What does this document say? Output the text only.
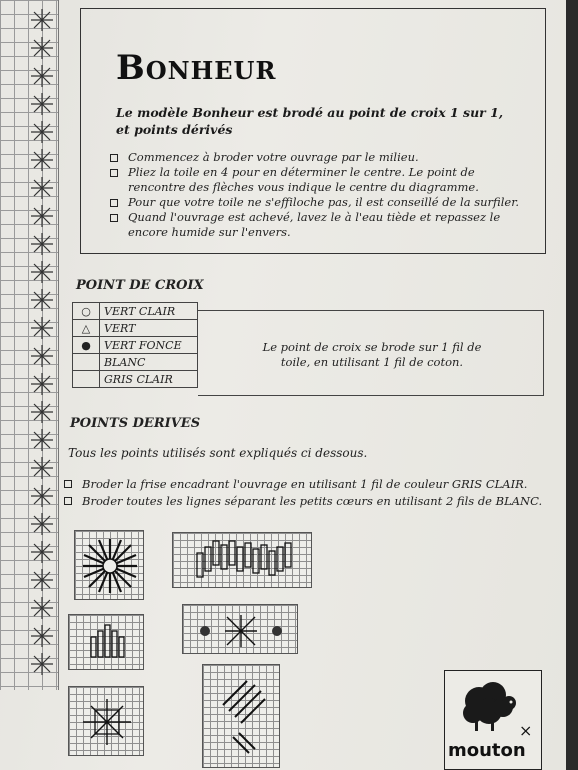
Bonheur
Le modèle Bonheur est brodé au point de croix 1 sur 1, et points dérivés
Commencez à broder votre ouvrage par le milieu.
Pliez la toile en 4 pour en déterminer le centre. Le point de rencontre des flèches vous indique le centre du diagramme.
Pour que votre toile ne s'effiloche pas, il est conseillé de la surfiler.
Quand l'ouvrage est achevé, lavez le à l'eau tiède et repassez le encore humide sur l'envers.
POINT DE CROIX
○	VERT CLAIR
△	VERT
●	VERT FONCE
	BLANC
	GRIS CLAIR
Le point de croix se brode sur 1 fil de toile, en utilisant 1 fil de coton.
POINTS DERIVES
Tous les points utilisés sont expliqués ci dessous.
Broder la frise encadrant l'ouvrage en utilisant 1 fil de couleur GRIS CLAIR.
Broder toutes les lignes séparant les petits cœurs en utilisant 2 fils de BLANC.
×
mouton
